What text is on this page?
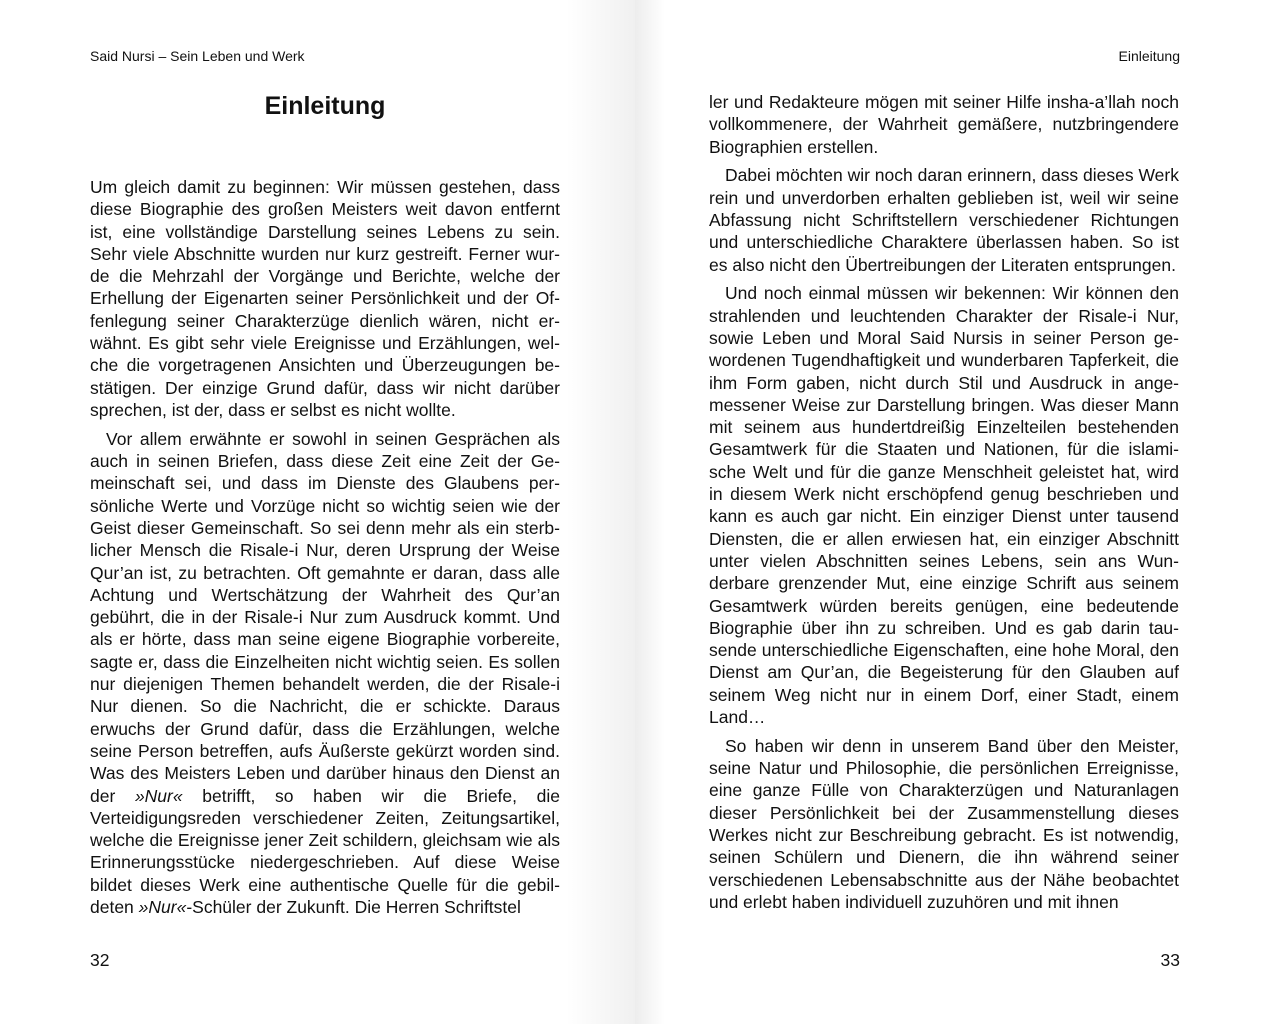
Said Nursi – Sein Leben und Werk
Einleitung

Um gleich damit zu beginnen: Wir müssen gestehen, dass diese Biographie des großen Meisters weit davon entfernt ist, eine vollständige Darstellung seines Lebens zu sein. Sehr viele Abschnitte wurden nur kurz gestreift. Ferner wurde die Mehrzahl der Vorgänge und Berichte, welche der Erhellung der Eigenarten seiner Persönlichkeit und der Offenlegung seiner Charakterzüge dienlich wären, nicht erwähnt. Es gibt sehr viele Ereignisse und Erzählungen, welche die vorgetragenen Ansichten und Überzeugungen bestätigen. Der einzige Grund dafür, dass wir nicht darüber sprechen, ist der, dass er selbst es nicht wollte.

Vor allem erwähnte er sowohl in seinen Gesprächen als auch in seinen Briefen, dass diese Zeit eine Zeit der Gemeinschaft sei, und dass im Dienste des Glaubens persönliche Werte und Vorzüge nicht so wichtig seien wie der Geist dieser Gemeinschaft. So sei denn mehr als ein sterblicher Mensch die Risale-i Nur, deren Ursprung der Weise Qur’an ist, zu betrachten. Oft gemahnte er daran, dass alle Achtung und Wertschätzung der Wahrheit des Qur’an gebührt, die in der Risale-i Nur zum Ausdruck kommt. Und als er hörte, dass man seine eigene Biographie vorbereite, sagte er, dass die Einzelheiten nicht wichtig seien. Es sollen nur diejenigen Themen behandelt werden, die der Risale-i Nur dienen. So die Nachricht, die er schickte. Daraus erwuchs der Grund dafür, dass die Erzählungen, welche seine Person betreffen, aufs Äußerste gekürzt worden sind. Was des Meisters Leben und darüber hinaus den Dienst an der »Nur« betrifft, so haben wir die Briefe, die Verteidigungsreden verschiedener Zeiten, Zeitungsartikel, welche die Ereignisse jener Zeit schildern, gleichsam wie als Erinnerungsstücke niedergeschrieben. Auf diese Weise bildet dieses Werk eine authentische Quelle für die gebildeten »Nur«-Schüler der Zukunft. Die Herren Schriftstel

32
Einleitung

ler und Redakteure mögen mit seiner Hilfe insha-a’llah noch vollkommenere, der Wahrheit gemäßere, nutzbringendere Biographien erstellen.

Dabei möchten wir noch daran erinnern, dass dieses Werk rein und unverdorben erhalten geblieben ist, weil wir seine Abfassung nicht Schriftstellern verschiedener Richtungen und unterschiedliche Charaktere überlassen haben. So ist es also nicht den Übertreibungen der Literaten entsprungen.

Und noch einmal müssen wir bekennen: Wir können den strahlenden und leuchtenden Charakter der Risale-i Nur, sowie Leben und Moral Said Nursis in seiner Person gewordenen Tugendhaftigkeit und wunderbaren Tapferkeit, die ihm Form gaben, nicht durch Stil und Ausdruck in angemessener Weise zur Darstellung bringen. Was dieser Mann mit seinem aus hundertdreißig Einzelteilen bestehenden Gesamtwerk für die Staaten und Nationen, für die islamische Welt und für die ganze Menschheit geleistet hat, wird in diesem Werk nicht erschöpfend genug beschrieben und kann es auch gar nicht. Ein einziger Dienst unter tausend Diensten, die er allen erwiesen hat, ein einziger Abschnitt unter vielen Abschnitten seines Lebens, sein ans Wunderbare grenzender Mut, eine einzige Schrift aus seinem Gesamtwerk würden bereits genügen, eine bedeutende Biographie über ihn zu schreiben. Und es gab darin tausende unterschiedliche Eigenschaften, eine hohe Moral, den Dienst am Qur’an, die Begeisterung für den Glauben auf seinem Weg nicht nur in einem Dorf, einer Stadt, einem Land…

So haben wir denn in unserem Band über den Meister, seine Natur und Philosophie, die persönlichen Erreignisse, eine ganze Fülle von Charakterzügen und Naturanlagen dieser Persönlichkeit bei der Zusammenstellung dieses Werkes nicht zur Beschreibung gebracht. Es ist notwendig, seinen Schülern und Dienern, die ihn während seiner verschiedenen Lebensabschnitte aus der Nähe beobachtet und erlebt haben individuell zuzuhören und mit ihnen

33
